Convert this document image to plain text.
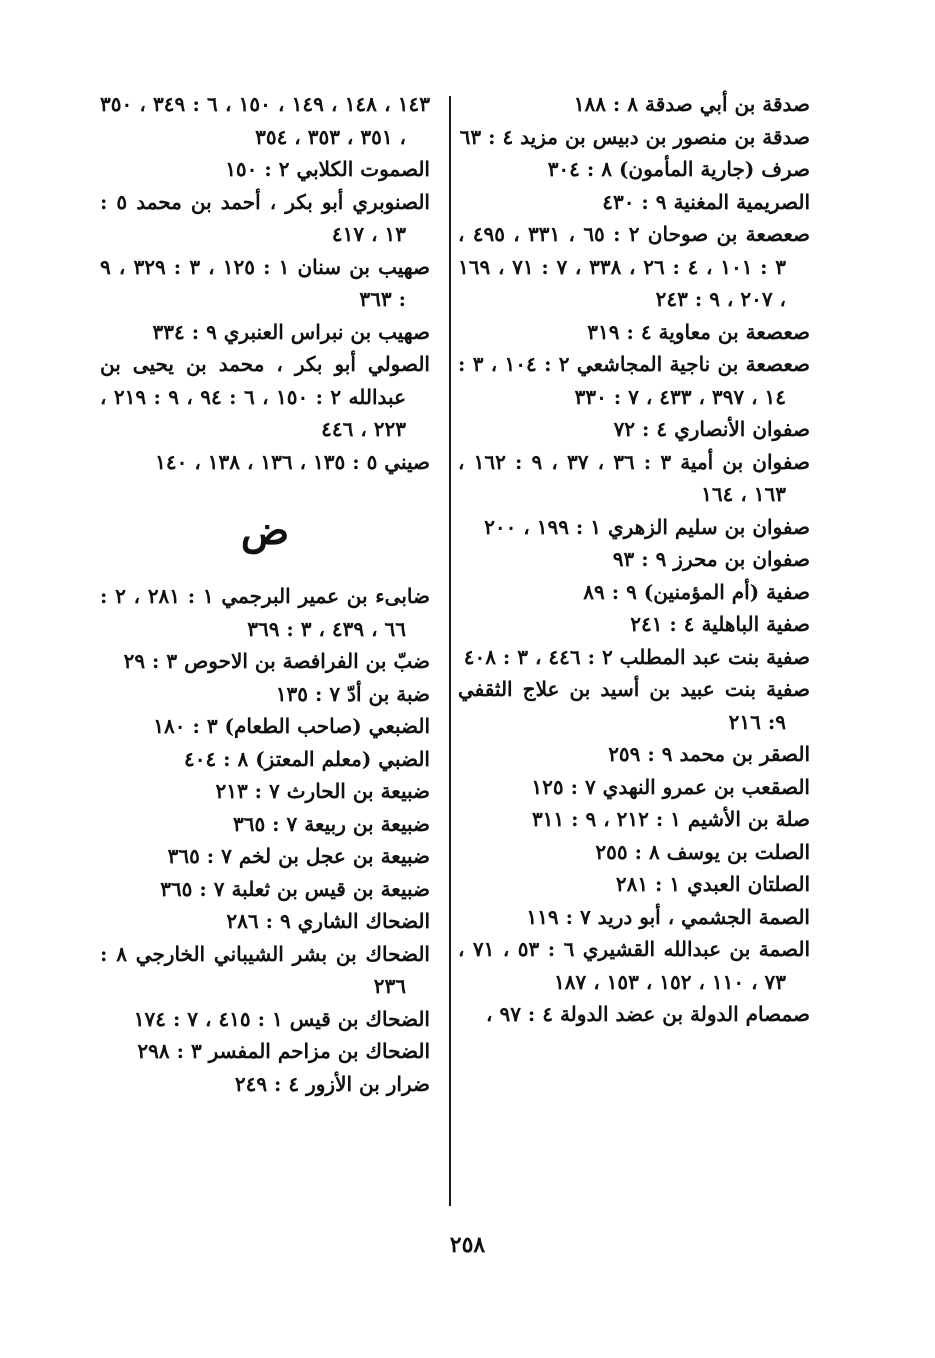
صدقة بن أبي صدقة ٨ : ١٨٨
صدقة بن منصور بن دبيس بن مزيد ٤ : ٦٣
صرف (جارية المأمون) ٨ : ٣٠٤
الصريمية المغنية ٩ : ٤٣٠
صعصعة بن صوحان ٢ : ٦٥ ، ٣٣١ ، ٤٩٥ ، ٣ : ١٠١ ، ٤ : ٢٦ ، ٣٣٨ ، ٧ : ٧١ ، ١٦٩ ، ٢٠٧ ، ٩ : ٢٤٣
صعصعة بن معاوية ٤ : ٣١٩
صعصعة بن ناجية المجاشعي ٢ : ١٠٤ ، ٣ : ١٤ ، ٣٩٧ ، ٤٣٣ ، ٧ : ٣٣٠
صفوان الأنصاري ٤ : ٧٢
صفوان بن أمية ٣ : ٣٦ ، ٣٧ ، ٩ : ١٦٢ ، ١٦٣ ، ١٦٤
صفوان بن سليم الزهري ١ : ١٩٩ ، ٢٠٠
صفوان بن محرز ٩ : ٩٣
صفية (أم المؤمنين) ٩ : ٨٩
صفية الباهلية ٤ : ٢٤١
صفية بنت عبد المطلب ٢ : ٤٤٦ ، ٣ : ٤٠٨
صفية بنت عبيد بن أسيد بن علاج الثقفي ٩: ٢١٦
الصقر بن محمد ٩ : ٢٥٩
الصقعب بن عمرو النهدي ٧ : ١٢٥
صلة بن الأشيم ١ : ٢١٢ ، ٩ : ٣١١
الصلت بن يوسف ٨ : ٢٥٥
الصلتان العبدي ١ : ٢٨١
الصمة الجشمي ، أبو دريد ٧ : ١١٩
الصمة بن عبدالله القشيري ٦ : ٥٣ ، ٧١ ، ٧٣ ، ١١٠ ، ١٥٢ ، ١٥٣ ، ١٨٧
صمصام الدولة بن عضد الدولة ٤ : ٩٧ ،
١٤٣ ، ١٤٨ ، ١٤٩ ، ١٥٠ ، ٦ : ٣٤٩ ، ٣٥٠ ، ٣٥١ ، ٣٥٣ ، ٣٥٤
الصموت الكلابي ٢ : ١٥٠
الصنوبري أبو بكر ، أحمد بن محمد ٥ : ١٣ ، ٤١٧
صهيب بن سنان ١ : ١٢٥ ، ٣ : ٣٢٩ ، ٩ : ٣٦٣
صهيب بن نبراس العنبري ٩ : ٣٣٤
الصولي أبو بكر ، محمد بن يحيى بن عبدالله ٢ : ١٥٠ ، ٦ : ٩٤ ، ٩ : ٢١٩ ، ٢٢٣ ، ٤٤٦
صيني ٥ : ١٣٥ ، ١٣٦ ، ١٣٨ ، ١٤٠
ض
ضابىء بن عمير البرجمي ١ : ٢٨١ ، ٢ : ٦٦ ، ٤٣٩ ، ٣ : ٣٦٩
ضبّ بن الفرافصة بن الاحوص ٣ : ٢٩
ضبة بن أدّ ٧ : ١٣٥
الضبعي (صاحب الطعام) ٣ : ١٨٠
الضبي (معلم المعتز) ٨ : ٤٠٤
ضبيعة بن الحارث ٧ : ٢١٣
ضبيعة بن ربيعة ٧ : ٣٦٥
ضبيعة بن عجل بن لخم ٧ : ٣٦٥
ضبيعة بن قيس بن ثعلبة ٧ : ٣٦٥
الضحاك الشاري ٩ : ٢٨٦
الضحاك بن بشر الشيباني الخارجي ٨ : ٢٣٦
الضحاك بن قيس ١ : ٤١٥ ، ٧ : ١٧٤
الضحاك بن مزاحم المفسر ٣ : ٢٩٨
ضرار بن الأزور ٤ : ٢٤٩
٢٥٨
